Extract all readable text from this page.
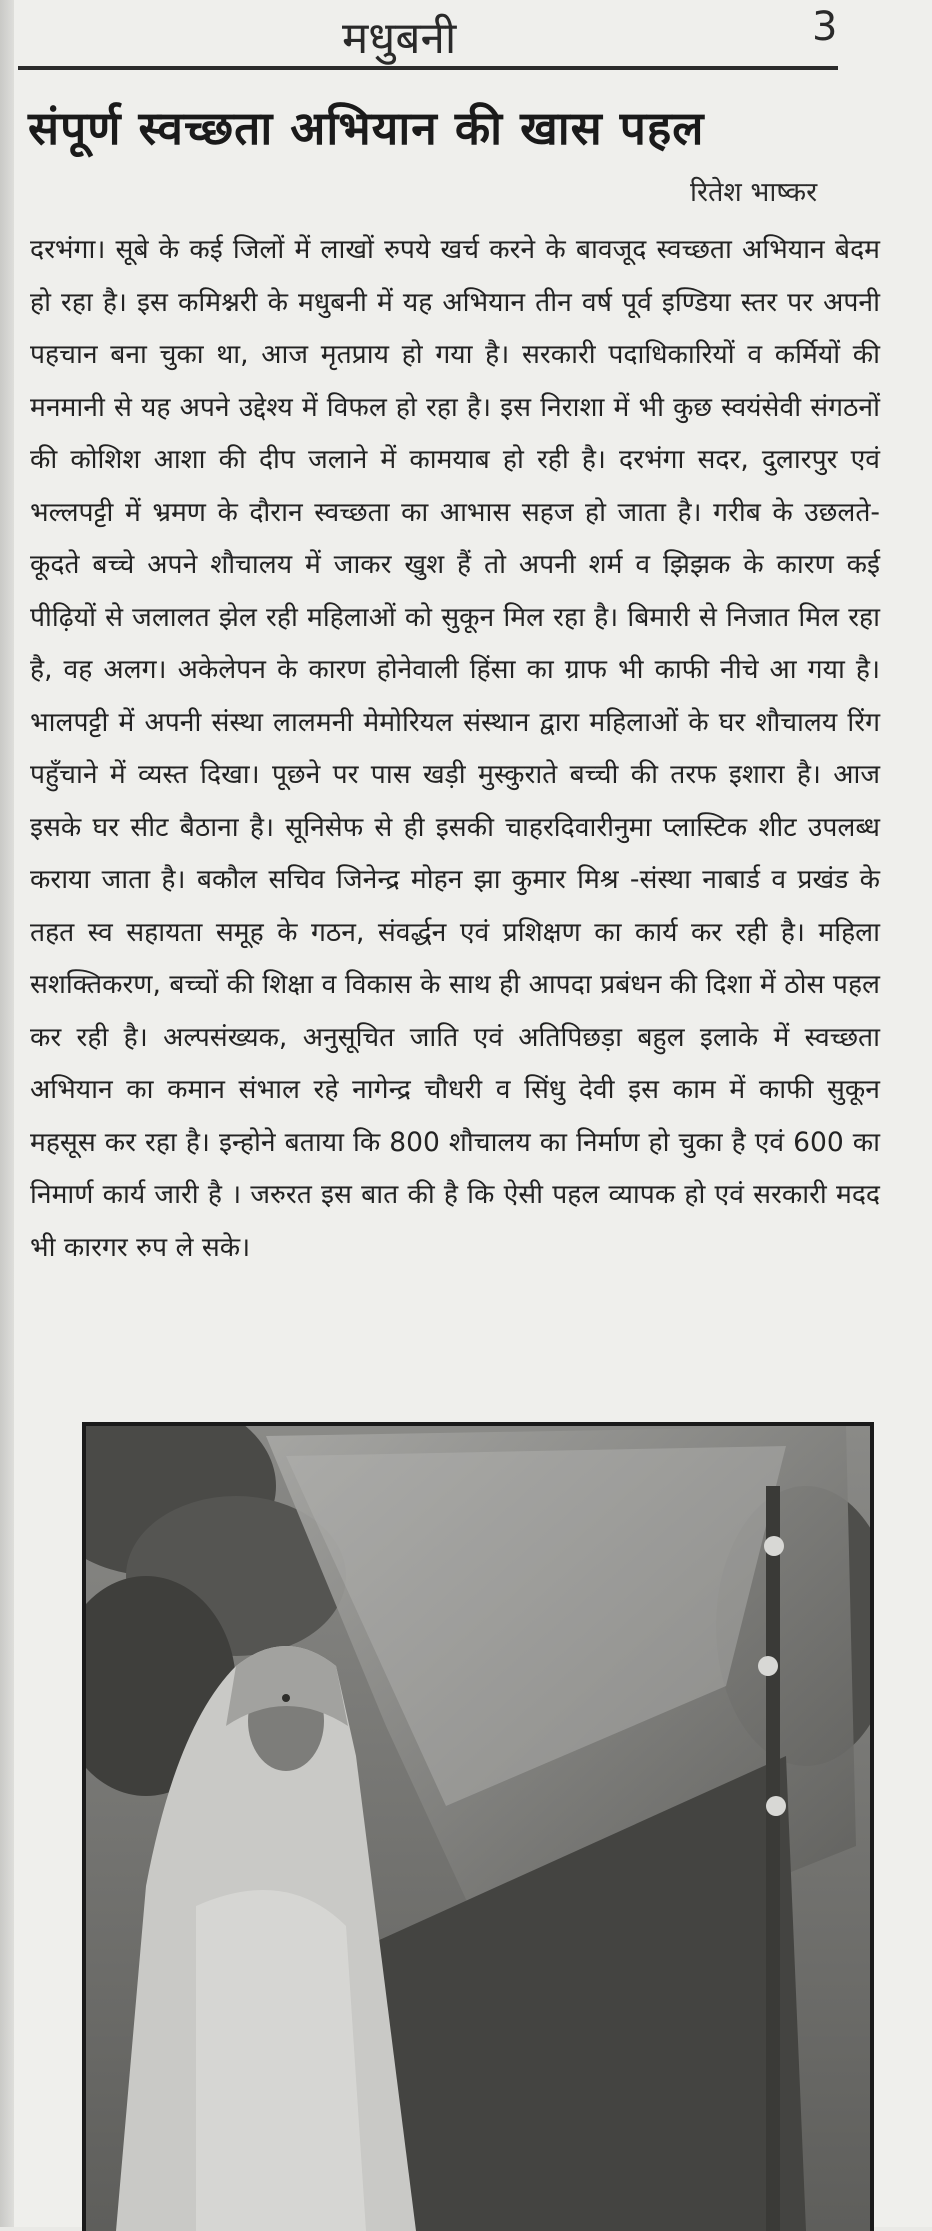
मधुबनी	3
संपूर्ण स्वच्छता अभियान की खास पहल
रितेश भाष्कर
दरभंगा। सूबे के कई जिलों में लाखों रुपये खर्च करने के बावजूद स्वच्छता अभियान बेदम हो रहा है। इस कमिश्नरी के मधुबनी में यह अभियान तीन वर्ष पूर्व इण्डिया स्तर पर अपनी पहचान बना चुका था, आज मृतप्राय हो गया है। सरकारी पदाधिकारियों व कर्मियों की मनमानी से यह अपने उद्देश्य में विफल हो रहा है। इस निराशा में भी कुछ स्वयंसेवी संगठनों की कोशिश आशा की दीप जलाने में कामयाब हो रही है। दरभंगा सदर, दुलारपुर एवं भल्लपट्टी में भ्रमण के दौरान स्वच्छता का आभास सहज हो जाता है। गरीब के उछलते-कूदते बच्चे अपने शौचालय में जाकर खुश हैं तो अपनी शर्म व झिझक के कारण कई पीढ़ियों से जलालत झेल रही महिलाओं को सुकून मिल रहा है। बिमारी से निजात मिल रहा है, वह अलग। अकेलेपन के कारण होनेवाली हिंसा का ग्राफ भी काफी नीचे आ गया है। भालपट्टी में अपनी संस्था लालमनी मेमोरियल संस्थान द्वारा महिलाओं के घर शौचालय रिंग पहुँचाने में व्यस्त दिखा। पूछने पर पास खड़ी मुस्कुराते बच्ची की तरफ इशारा है। आज इसके घर सीट बैठाना है। सूनिसेफ से ही इसकी चाहरदिवारीनुमा प्लास्टिक शीट उपलब्ध कराया जाता है। बकौल सचिव जिनेन्द्र मोहन झा कुमार मिश्र -संस्था नाबार्ड व प्रखंड के तहत स्व सहायता समूह के गठन, संवर्द्धन एवं प्रशिक्षण का कार्य कर रही है। महिला सशक्तिकरण, बच्चों की शिक्षा व विकास के साथ ही आपदा प्रबंधन की दिशा में ठोस पहल कर रही है। अल्पसंख्यक, अनुसूचित जाति एवं अतिपिछड़ा बहुल इलाके में स्वच्छता अभियान का कमान संभाल रहे नागेन्द्र चौधरी व सिंधु देवी इस काम में काफी सुकून महसूस कर रहा है। इन्होने बताया कि 800 शौचालय का निर्माण हो चुका है एवं 600 का निमार्ण कार्य जारी है । जरुरत इस बात की है कि ऐसी पहल व्यापक हो एवं सरकारी मदद भी कारगर रुप ले सके।
